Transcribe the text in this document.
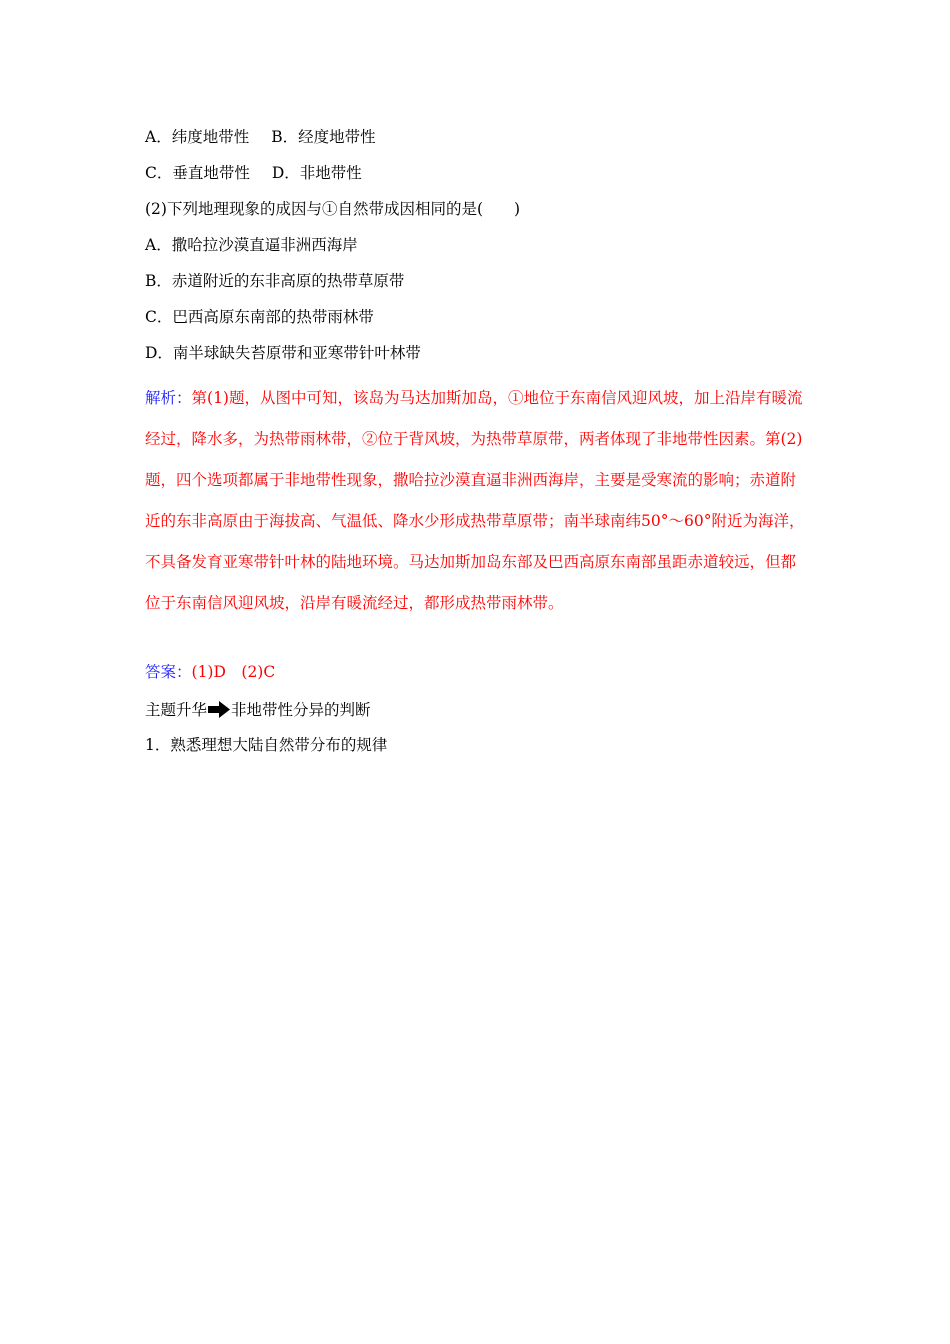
A．纬度地带性 B．经度地带性
C．垂直地带性 D．非地带性
(2)下列地理现象的成因与①自然带成因相同的是(　　)
A．撒哈拉沙漠直逼非洲西海岸
B．赤道附近的东非高原的热带草原带
C．巴西高原东南部的热带雨林带
D．南半球缺失苔原带和亚寒带针叶林带
解析：第(1)题，从图中可知，该岛为马达加斯加岛，①地位于东南信风迎风坡，加上沿岸有暖流经过，降水多，为热带雨林带，②位于背风坡，为热带草原带，两者体现了非地带性因素。第(2)题，四个选项都属于非地带性现象，撒哈拉沙漠直逼非洲西海岸，主要是受寒流的影响；赤道附近的东非高原由于海拔高、气温低、降水少形成热带草原带；南半球南纬50°～60°附近为海洋，不具备发育亚寒带针叶林的陆地环境。马达加斯加岛东部及巴西高原东南部虽距赤道较远，但都位于东南信风迎风坡，沿岸有暖流经过，都形成热带雨林带。
答案：(1)D　(2)C
主题升华 非地带性分异的判断
1．熟悉理想大陆自然带分布的规律
